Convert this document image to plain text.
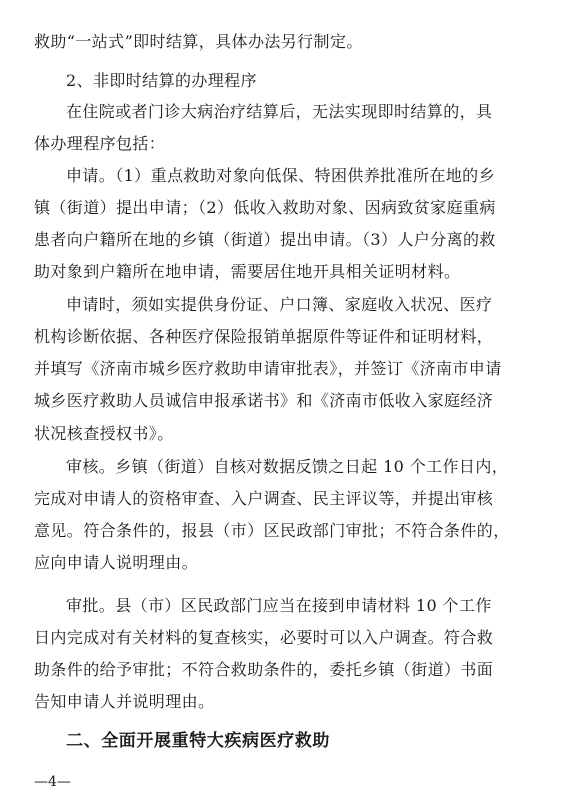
救助“一站式”即时结算，具体办法另行制定。
2、非即时结算的办理程序
在住院或者门诊大病治疗结算后，无法实现即时结算的，具
体办理程序包括：
申请。（1）重点救助对象向低保、特困供养批准所在地的乡
镇（街道）提出申请；（2）低收入救助对象、因病致贫家庭重病
患者向户籍所在地的乡镇（街道）提出申请。（3）人户分离的救
助对象到户籍所在地申请，需要居住地开具相关证明材料。
申请时，须如实提供身份证、户口簿、家庭收入状况、医疗
机构诊断依据、各种医疗保险报销单据原件等证件和证明材料，
并填写《济南市城乡医疗救助申请审批表》，并签订《济南市申请
城乡医疗救助人员诚信申报承诺书》和《济南市低收入家庭经济
状况核查授权书》。
审核。乡镇（街道）自核对数据反馈之日起 10 个工作日内，
完成对申请人的资格审查、入户调查、民主评议等，并提出审核
意见。符合条件的，报县（市）区民政部门审批；不符合条件的，
应向申请人说明理由。
审批。县（市）区民政部门应当在接到申请材料 10 个工作
日内完成对有关材料的复查核实，必要时可以入户调查。符合救
助条件的给予审批；不符合救助条件的，委托乡镇（街道）书面
告知申请人并说明理由。
二、全面开展重特大疾病医疗救助
—4—
